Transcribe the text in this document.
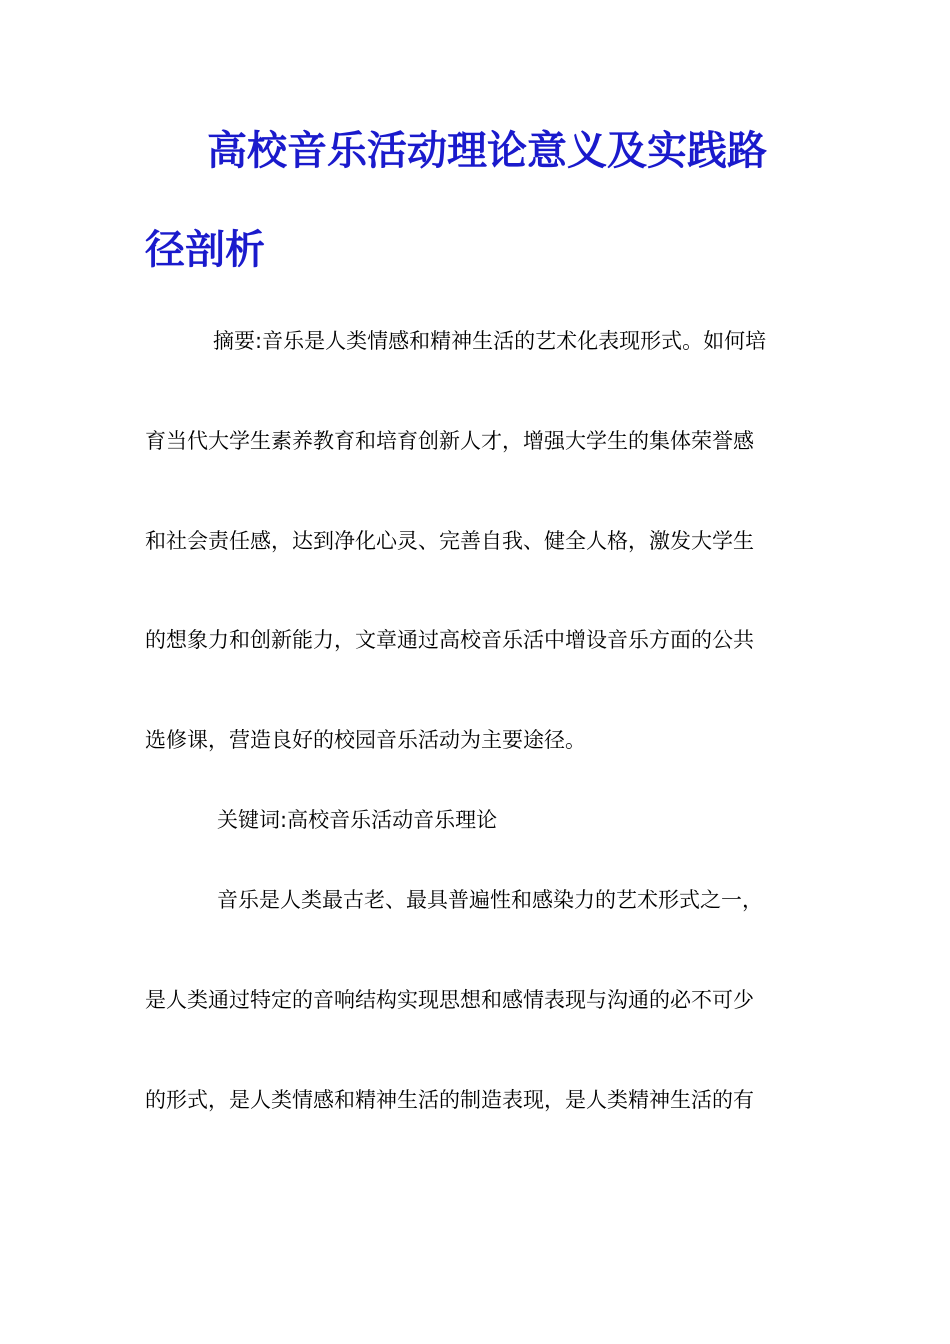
高校音乐活动理论意义及实践路
径剖析
摘要:音乐是人类情感和精神生活的艺术化表现形式。如何培
育当代大学生素养教育和培育创新人才，增强大学生的集体荣誉感
和社会责任感，达到净化心灵、完善自我、健全人格，激发大学生
的想象力和创新能力，文章通过高校音乐活中增设音乐方面的公共
选修课，营造良好的校园音乐活动为主要途径。
关键词:高校音乐活动音乐理论
音乐是人类最古老、最具普遍性和感染力的艺术形式之一，
是人类通过特定的音响结构实现思想和感情表现与沟通的必不可少
的形式，是人类情感和精神生活的制造表现，是人类精神生活的有
